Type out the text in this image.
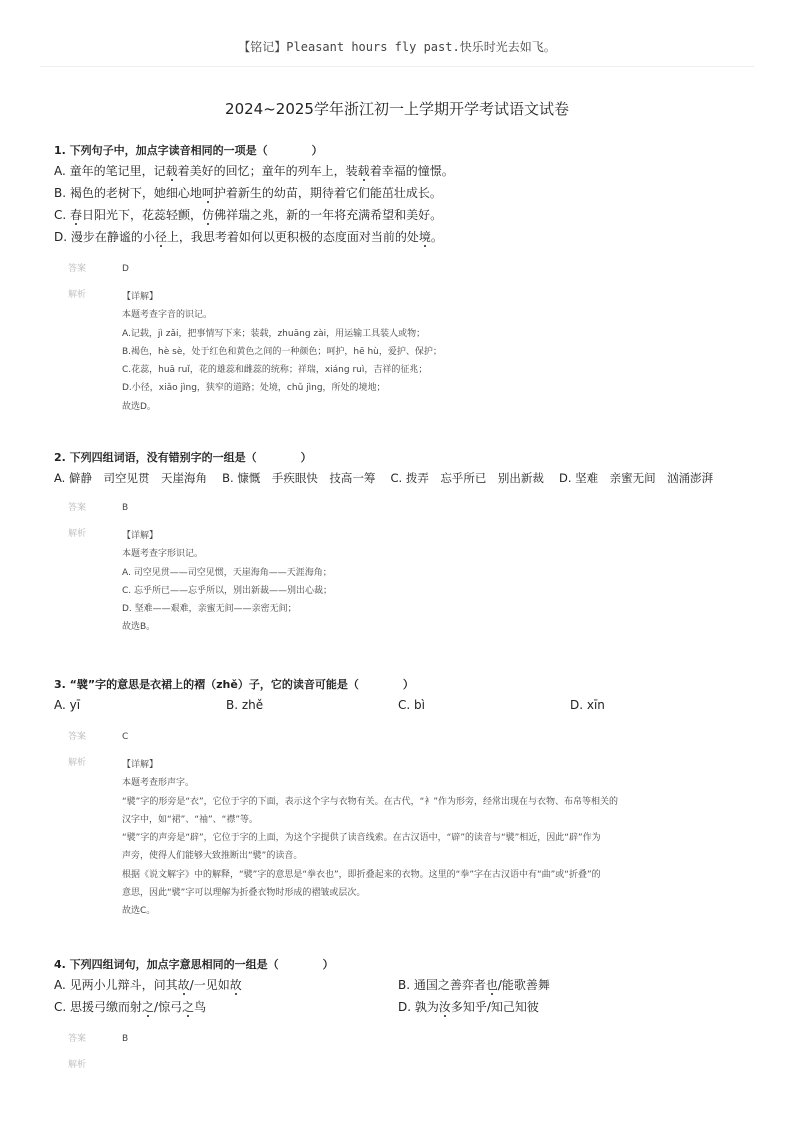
【铭记】Pleasant hours fly past.快乐时光去如飞。
2024~2025学年浙江初一上学期开学考试语文试卷
1. 下列句子中，加点字读音相同的一项是（　　　　）
A. 童年的笔记里，记载着美好的回忆；童年的列车上，装载着幸福的憧憬。
B. 褐色的老树下，她细心地呵护着新生的幼苗，期待着它们能茁壮成长。
C. 春日阳光下，花蕊轻颤，仿佛祥瑞之兆，新的一年将充满希望和美好。
D. 漫步在静谧的小径上，我思考着如何以更积极的态度面对当前的处境。
答案	D
解析	【详解】
本题考查字音的识记。
A.记载，jì zǎi，把事情写下来；装载，zhuāng zài，用运输工具装人或物；
B.褐色，hè sè，处于红色和黄色之间的一种颜色；呵护，hē hù，爱护、保护；
C.花蕊，huā ruǐ，花的雄蕊和雌蕊的统称；祥瑞，xiáng ruì，吉祥的征兆；
D.小径，xiǎo jìng，狭窄的道路；处境，chǔ jìng，所处的境地；
故选D。
2. 下列四组词语，没有错别字的一组是（　　　　）
A. 僻静　司空见贯　天崖海角　 B. 慷慨　手疾眼快　技高一筹　 C. 拨弄　忘乎所已　别出新裁　 D. 坚难　亲蜜无间　汹涌澎湃
答案	B
解析	【详解】
本题考查字形识记。
A. 司空见贯——司空见惯，天崖海角——天涯海角；
C. 忘乎所已——忘乎所以，别出新裁——别出心裁；
D. 坚难——艰难，亲蜜无间——亲密无间；
故选B。
3. “襞”字的意思是衣裙上的褶（zhě）子，它的读音可能是（　　　　）
A. yī	B. zhě	C. bì	D. xīn
答案	C
解析	【详解】
本题考查形声字。
“襞”字的形旁是“衣”，它位于字的下面，表示这个字与衣物有关。在古代，“衤”作为形旁，经常出现在与衣物、布帛等相关的
汉字中，如“裙”、“袖”、“襟”等。
“襞”字的声旁是“辟”，它位于字的上面，为这个字提供了读音线索。在古汉语中，“辟”的读音与“襞”相近，因此“辟”作为
声旁，使得人们能够大致推断出“襞”的读音。
根据《说文解字》中的解释，“襞”字的意思是“拳衣也”，即折叠起来的衣物。这里的“拳”字在古汉语中有“曲”或“折叠”的
意思，因此“襞”字可以理解为折叠衣物时形成的褶皱或层次。
故选C。
4. 下列四组词句，加点字意思相同的一组是（　　　　）
A. 见两小儿辩斗，问其故/一见如故	B. 通国之善弈者也/能歌善舞
C. 思援弓缴而射之/惊弓之鸟	D. 孰为汝多知乎/知己知彼
答案	B
解析
